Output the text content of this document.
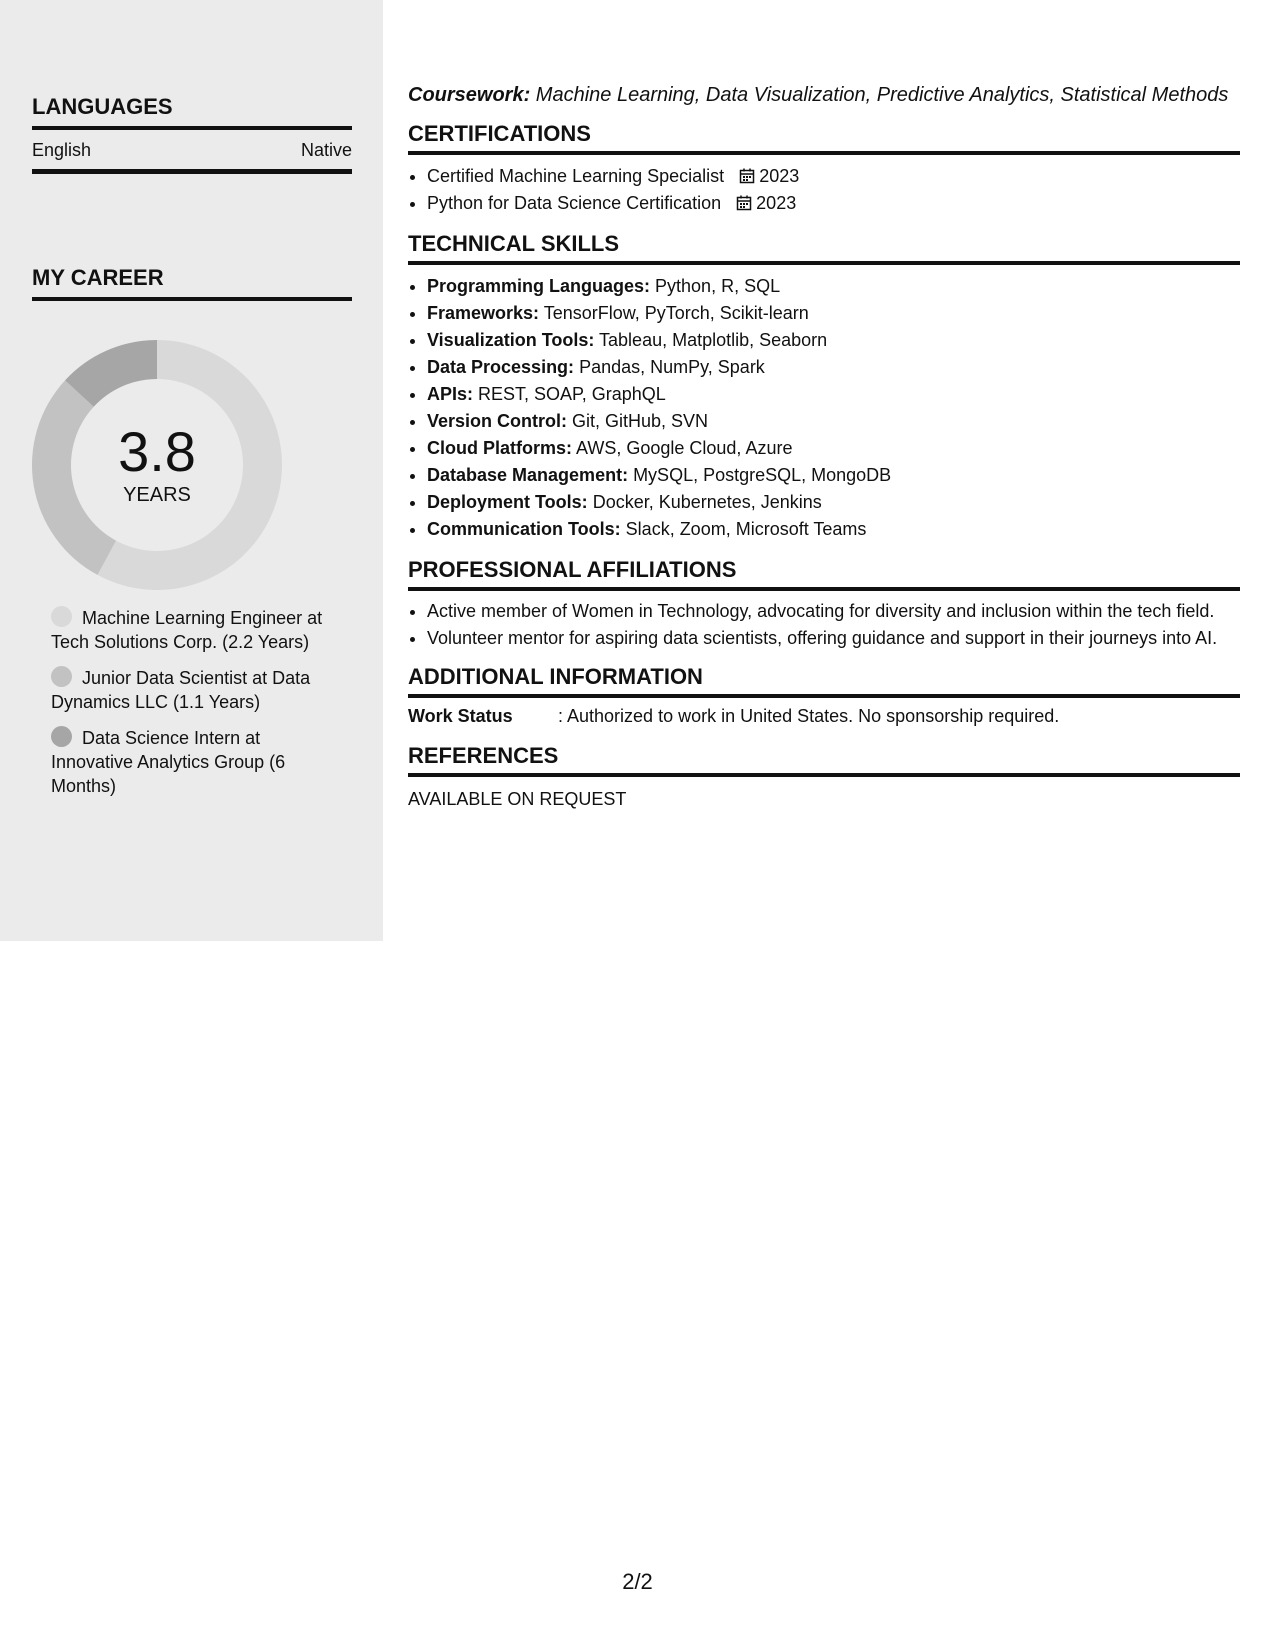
LANGUAGES
English	Native
MY CAREER
3.8
YEARS
Machine Learning Engineer at Tech Solutions Corp. (2.2 Years)
Junior Data Scientist at Data Dynamics LLC (1.1 Years)
Data Science Intern at Innovative Analytics Group (6 Months)

Coursework: Machine Learning, Data Visualization, Predictive Analytics, Statistical Methods

CERTIFICATIONS
• Certified Machine Learning Specialist 2023
• Python for Data Science Certification 2023
TECHNICAL SKILLS
• Programming Languages: Python, R, SQL
• Frameworks: TensorFlow, PyTorch, Scikit-learn
• Visualization Tools: Tableau, Matplotlib, Seaborn
• Data Processing: Pandas, NumPy, Spark
• APIs: REST, SOAP, GraphQL
• Version Control: Git, GitHub, SVN
• Cloud Platforms: AWS, Google Cloud, Azure
• Database Management: MySQL, PostgreSQL, MongoDB
• Deployment Tools: Docker, Kubernetes, Jenkins
• Communication Tools: Slack, Zoom, Microsoft Teams
PROFESSIONAL AFFILIATIONS
• Active member of Women in Technology, advocating for diversity and inclusion within the tech field.
• Volunteer mentor for aspiring data scientists, offering guidance and support in their journeys into AI.
ADDITIONAL INFORMATION
Work Status	: Authorized to work in United States. No sponsorship required.
REFERENCES

AVAILABLE ON REQUEST

2/2
